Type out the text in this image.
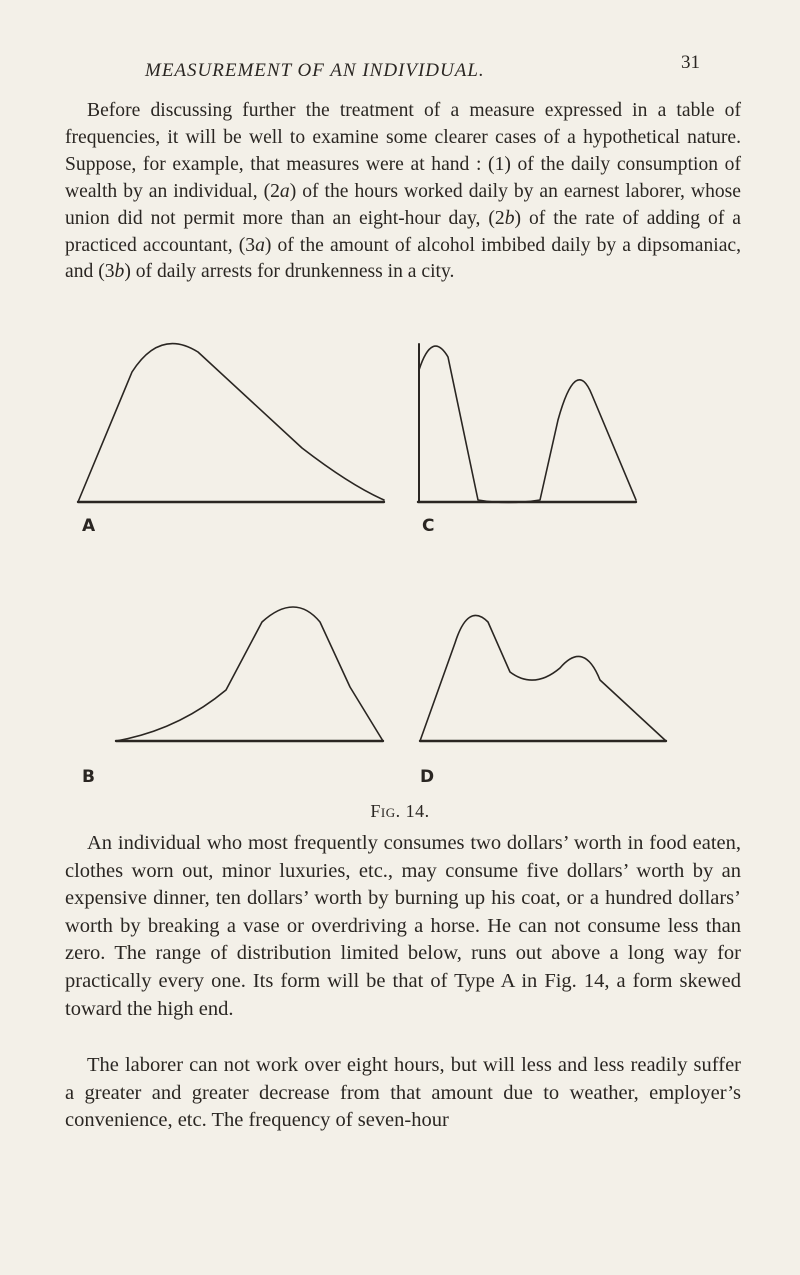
MEASUREMENT OF AN INDIVIDUAL.	31

Before discussing further the treatment of a measure expressed in a table of frequencies, it will be well to examine some clearer cases of a hypothetical nature. Suppose, for example, that measures were at hand : (1) of the daily consumption of wealth by an individual, (2a) of the hours worked daily by an earnest laborer, whose union did not permit more than an eight-hour day, (2b) of the rate of adding of a practiced accountant, (3a) of the amount of alcohol imbibed daily by a dipsomaniac, and (3b) of daily arrests for drunkenness in a city.

A	C
B	D
Fig. 14.

An individual who most frequently consumes two dollars’ worth in food eaten, clothes worn out, minor luxuries, etc., may consume five dollars’ worth by an expensive dinner, ten dollars’ worth by burning up his coat, or a hundred dollars’ worth by breaking a vase or overdriving a horse. He can not consume less than zero. The range of distribution limited below, runs out above a long way for practically every one. Its form will be that of Type A in Fig. 14, a form skewed toward the high end.

The laborer can not work over eight hours, but will less and less readily suffer a greater and greater decrease from that amount due to weather, employer’s convenience, etc. The frequency of seven-hour
